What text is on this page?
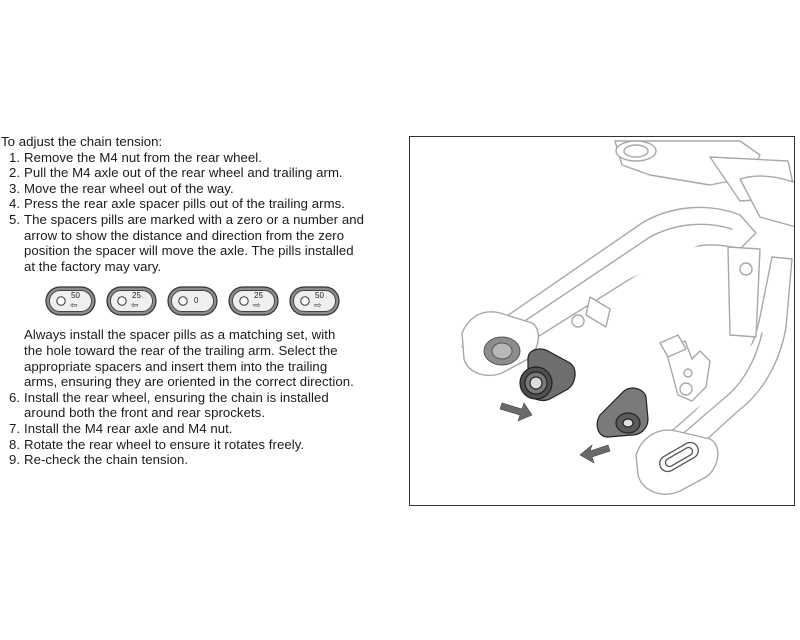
To adjust the chain tension:

1. Remove the M4 nut from the rear wheel.
2. Pull the M4 axle out of the rear wheel and trailing arm.
3. Move the rear wheel out of the way.
4. Press the rear axle spacer pills out of the trailing arms.
5. The spacers pills are marked with a zero or a number and
arrow to show the distance and direction from the zero
position the spacer will move the axle. The pills installed
at the factory may vary.
50
⇦
25
⇦	0
25
⇨
50
⇨
Always install the spacer pills as a matching set, with
the hole toward the rear of the trailing arm. Select the
appropriate spacers and insert them into the trailing
arms, ensuring they are oriented in the correct direction.
6. Install the rear wheel, ensuring the chain is installed
around both the front and rear sprockets.
7. Install the M4 rear axle and M4 nut.
8. Rotate the rear wheel to ensure it rotates freely.
9. Re-check the chain tension.
